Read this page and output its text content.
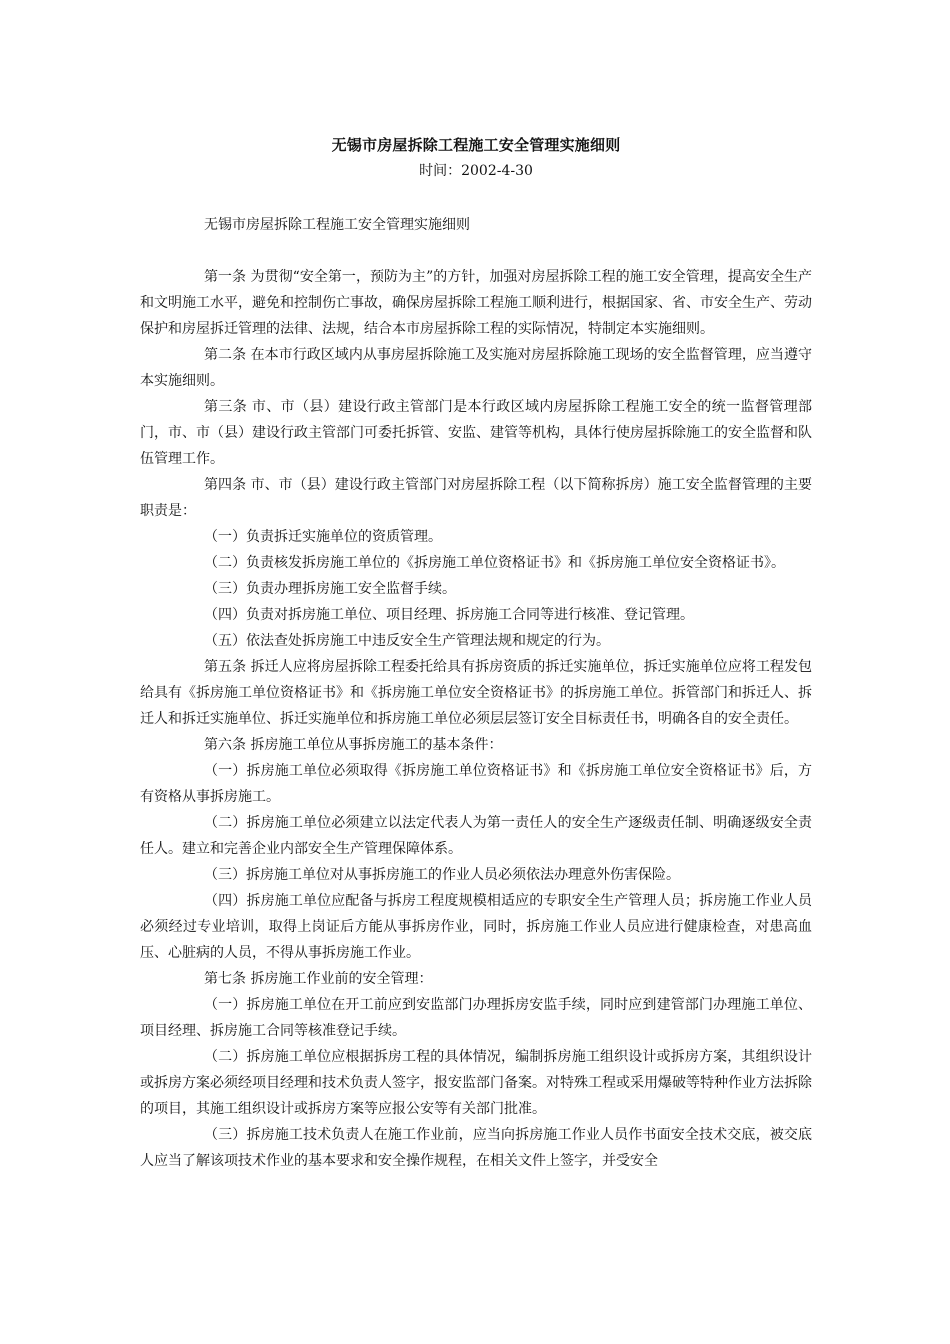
无锡市房屋拆除工程施工安全管理实施细则
时间：2002-4-30
无锡市房屋拆除工程施工安全管理实施细则

第一条 为贯彻“安全第一，预防为主”的方针，加强对房屋拆除工程的施工安全管理，提高安全生产和文明施工水平，避免和控制伤亡事故，确保房屋拆除工程施工顺利进行，根据国家、省、市安全生产、劳动保护和房屋拆迁管理的法律、法规，结合本市房屋拆除工程的实际情况，特制定本实施细则。

第二条 在本市行政区域内从事房屋拆除施工及实施对房屋拆除施工现场的安全监督管理，应当遵守本实施细则。

第三条 市、市（县）建设行政主管部门是本行政区域内房屋拆除工程施工安全的统一监督管理部门，市、市（县）建设行政主管部门可委托拆管、安监、建管等机构，具体行使房屋拆除施工的安全监督和队伍管理工作。

第四条 市、市（县）建设行政主管部门对房屋拆除工程（以下简称拆房）施工安全监督管理的主要职责是：

（一）负责拆迁实施单位的资质管理。

（二）负责核发拆房施工单位的《拆房施工单位资格证书》和《拆房施工单位安全资格证书》。

（三）负责办理拆房施工安全监督手续。

（四）负责对拆房施工单位、项目经理、拆房施工合同等进行核准、登记管理。

（五）依法查处拆房施工中违反安全生产管理法规和规定的行为。

第五条 拆迁人应将房屋拆除工程委托给具有拆房资质的拆迁实施单位，拆迁实施单位应将工程发包给具有《拆房施工单位资格证书》和《拆房施工单位安全资格证书》的拆房施工单位。拆管部门和拆迁人、拆迁人和拆迁实施单位、拆迁实施单位和拆房施工单位必须层层签订安全目标责任书，明确各自的安全责任。

第六条 拆房施工单位从事拆房施工的基本条件：

（一）拆房施工单位必须取得《拆房施工单位资格证书》和《拆房施工单位安全资格证书》后，方有资格从事拆房施工。

（二）拆房施工单位必须建立以法定代表人为第一责任人的安全生产逐级责任制、明确逐级安全责任人。建立和完善企业内部安全生产管理保障体系。

（三）拆房施工单位对从事拆房施工的作业人员必须依法办理意外伤害保险。

（四）拆房施工单位应配备与拆房工程度规模相适应的专职安全生产管理人员；拆房施工作业人员必须经过专业培训，取得上岗证后方能从事拆房作业，同时，拆房施工作业人员应进行健康检查，对患高血压、心脏病的人员，不得从事拆房施工作业。

第七条 拆房施工作业前的安全管理：

（一）拆房施工单位在开工前应到安监部门办理拆房安监手续，同时应到建管部门办理施工单位、项目经理、拆房施工合同等核准登记手续。

（二）拆房施工单位应根据拆房工程的具体情况，编制拆房施工组织设计或拆房方案，其组织设计或拆房方案必须经项目经理和技术负责人签字，报安监部门备案。对特殊工程或采用爆破等特种作业方法拆除的项目，其施工组织设计或拆房方案等应报公安等有关部门批准。

（三）拆房施工技术负责人在施工作业前，应当向拆房施工作业人员作书面安全技术交底，被交底人应当了解该项技术作业的基本要求和安全操作规程，在相关文件上签字，并受安全
